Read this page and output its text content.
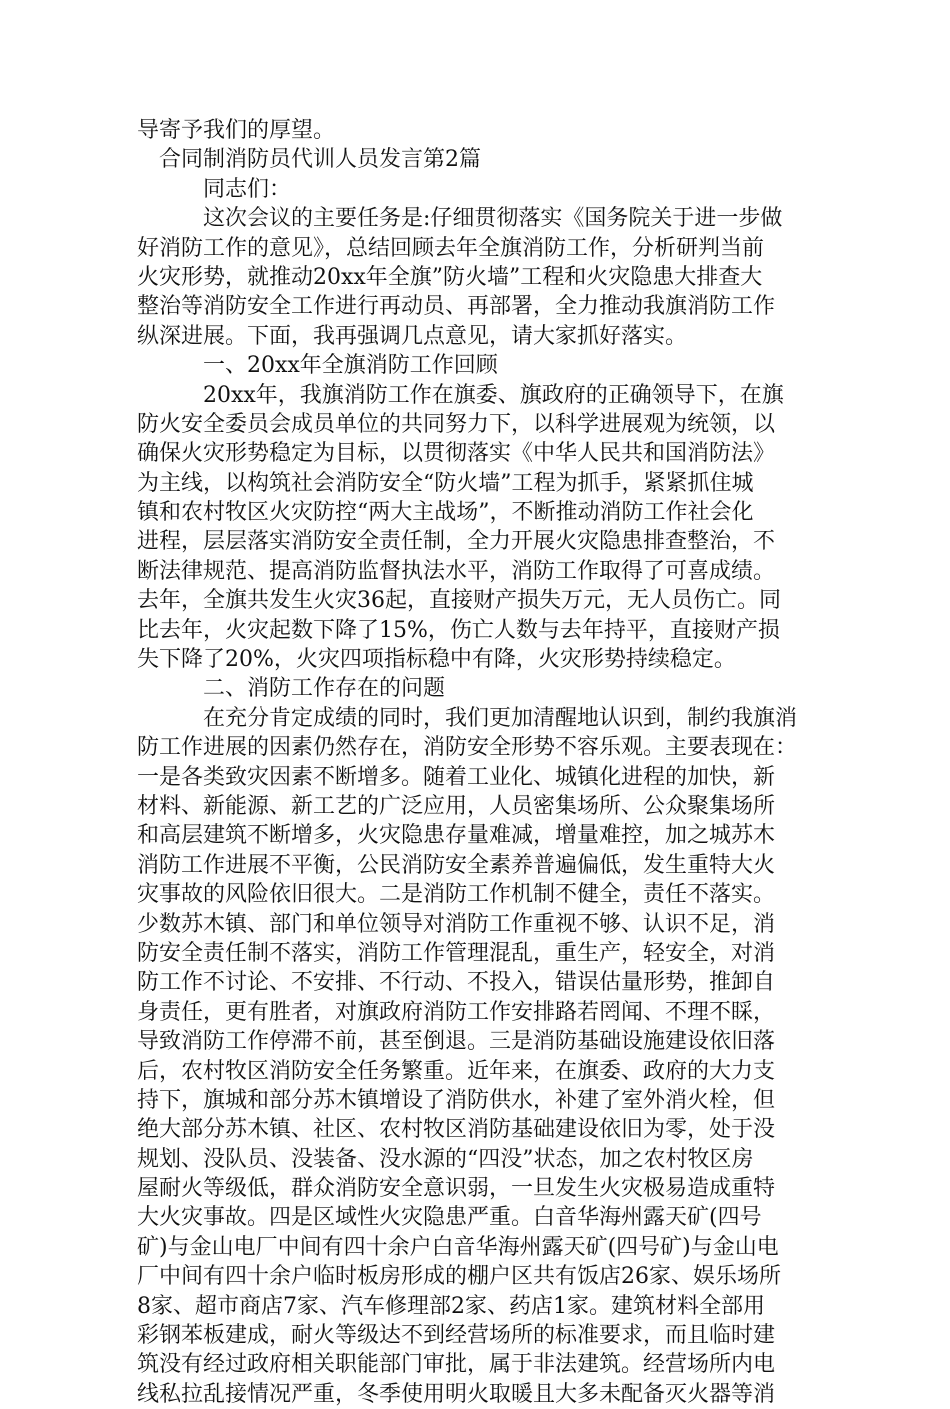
导寄予我们的厚望。
合同制消防员代训人员发言第2篇
同志们：
这次会议的主要任务是:仔细贯彻落实《国务院关于进一步做
好消防工作的意见》，总结回顾去年全旗消防工作，分析研判当前
火灾形势，就推动20xx年全旗”防火墙”工程和火灾隐患大排查大
整治等消防安全工作进行再动员、再部署，全力推动我旗消防工作
纵深进展。下面，我再强调几点意见，请大家抓好落实。
一、20xx年全旗消防工作回顾
20xx年，我旗消防工作在旗委、旗政府的正确领导下，在旗
防火安全委员会成员单位的共同努力下，以科学进展观为统领，以
确保火灾形势稳定为目标，以贯彻落实《中华人民共和国消防法》
为主线，以构筑社会消防安全“防火墙”工程为抓手，紧紧抓住城
镇和农村牧区火灾防控“两大主战场”，不断推动消防工作社会化
进程，层层落实消防安全责任制，全力开展火灾隐患排查整治，不
断法律规范、提高消防监督执法水平，消防工作取得了可喜成绩。
去年，全旗共发生火灾36起，直接财产损失万元，无人员伤亡。同
比去年，火灾起数下降了15%，伤亡人数与去年持平，直接财产损
失下降了20%，火灾四项指标稳中有降，火灾形势持续稳定。
二、消防工作存在的问题
在充分肯定成绩的同时，我们更加清醒地认识到，制约我旗消
防工作进展的因素仍然存在，消防安全形势不容乐观。主要表现在：
一是各类致灾因素不断增多。随着工业化、城镇化进程的加快，新
材料、新能源、新工艺的广泛应用，人员密集场所、公众聚集场所
和高层建筑不断增多，火灾隐患存量难减，增量难控，加之城苏木
消防工作进展不平衡，公民消防安全素养普遍偏低，发生重特大火
灾事故的风险依旧很大。二是消防工作机制不健全，责任不落实。
少数苏木镇、部门和单位领导对消防工作重视不够、认识不足，消
防安全责任制不落实，消防工作管理混乱，重生产，轻安全，对消
防工作不讨论、不安排、不行动、不投入，错误估量形势，推卸自
身责任，更有胜者，对旗政府消防工作安排路若罔闻、不理不睬，
导致消防工作停滞不前，甚至倒退。三是消防基础设施建设依旧落
后，农村牧区消防安全任务繁重。近年来，在旗委、政府的大力支
持下，旗城和部分苏木镇增设了消防供水，补建了室外消火栓，但
绝大部分苏木镇、社区、农村牧区消防基础建设依旧为零，处于没
规划、没队员、没装备、没水源的“四没”状态，加之农村牧区房
屋耐火等级低，群众消防安全意识弱，一旦发生火灾极易造成重特
大火灾事故。四是区域性火灾隐患严重。白音华海州露天矿(四号
矿)与金山电厂中间有四十余户白音华海州露天矿(四号矿)与金山电
厂中间有四十余户临时板房形成的棚户区共有饭店26家、娱乐场所
8家、超市商店7家、汽车修理部2家、药店1家。建筑材料全部用
彩钢苯板建成，耐火等级达不到经营场所的标准要求，而且临时建
筑没有经过政府相关职能部门审批，属于非法建筑。经营场所内电
线私拉乱接情况严重，冬季使用明火取暖且大多未配备灭火器等消
